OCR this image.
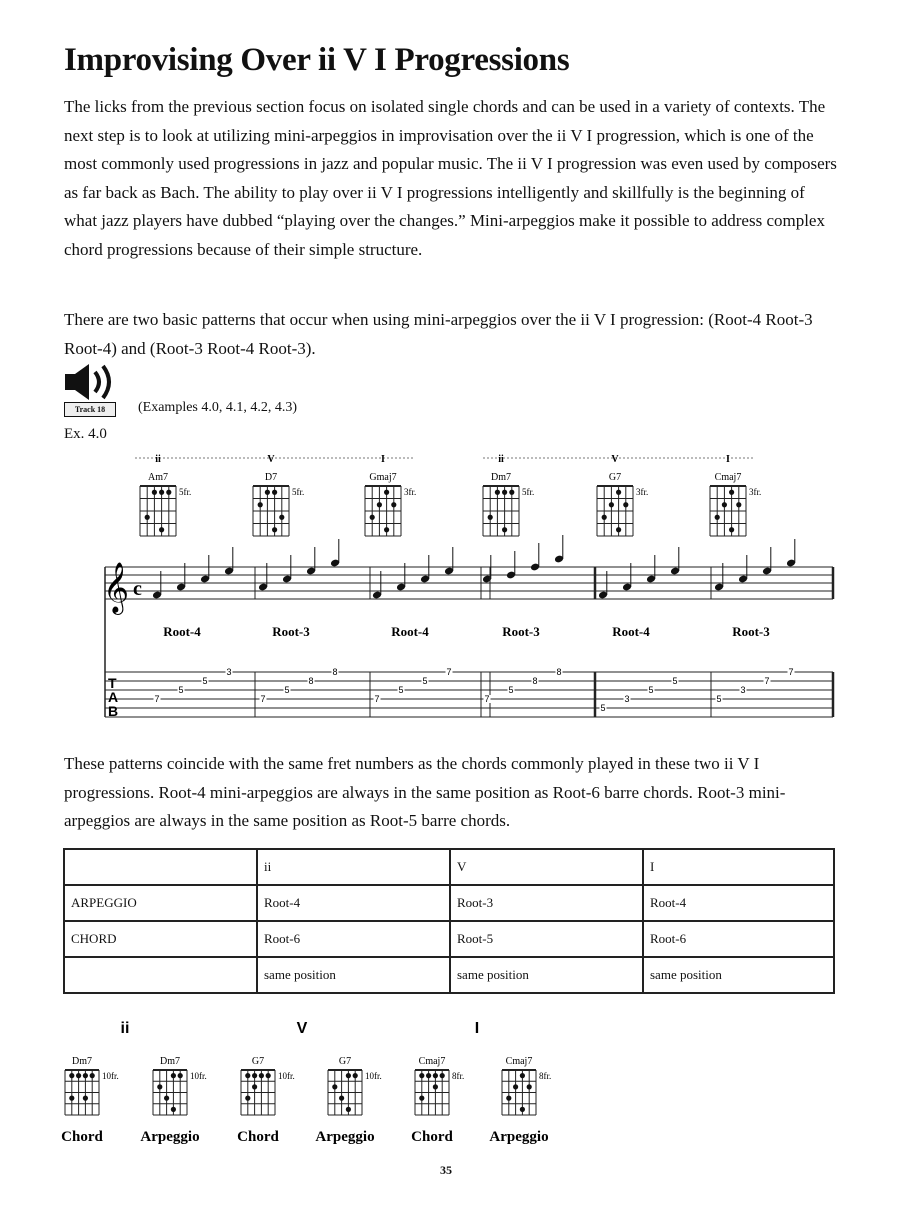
Improvising Over ii V I Progressions
The licks from the previous section focus on isolated single chords and can be used in a variety of contexts. The next step is to look at utilizing mini-arpeggios in improvisation over the ii V I progression, which is one of the most commonly used progressions in jazz and popular music. The ii V I progression was even used by composers as far back as Bach. The ability to play over ii V I progressions intelligently and skillfully is the beginning of what jazz players have dubbed “playing over the changes.” Mini-arpeggios make it possible to address complex chord progressions because of their simple structure.
There are two basic patterns that occur when using mini-arpeggios over the ii V I progression: (Root-4 Root-3 Root-4) and (Root-3 Root-4 Root-3).
Track 18	(Examples 4.0, 4.1, 4.2, 4.3)
Ex. 4.0
ii
Am7
5fr.
V
D7
5fr.
I
Gmaj7
3fr.
ii
Dm7
5fr.
V
G7
3fr.
I
Cmaj7
3fr.
𝄞 c
Root-4	Root-3	Root-4	Root-3	Root-4	Root-3
T
A
B
7
5
5
3
7
5
8
8
7
5
5
7
7
5
8
8
5
3
5
5
5
3
7
7
These patterns coincide with the same fret numbers as the chords commonly played in these two ii V I progressions. Root-4 mini-arpeggios are always in the same position as Root-6 barre chords. Root-3 mini-arpeggios are always in the same position as Root-5 barre chords.
	ii	V	I
ARPEGGIO	Root-4	Root-3	Root-4
CHORD	Root-6	Root-5	Root-6
	same position	same position	same position
ii	V	I
Dm7
10fr.
Chord
Dm7
10fr.
Arpeggio
G7
10fr.
Chord
G7
10fr.
Arpeggio
Cmaj7
8fr.
Chord
Cmaj7
8fr.
Arpeggio
35
